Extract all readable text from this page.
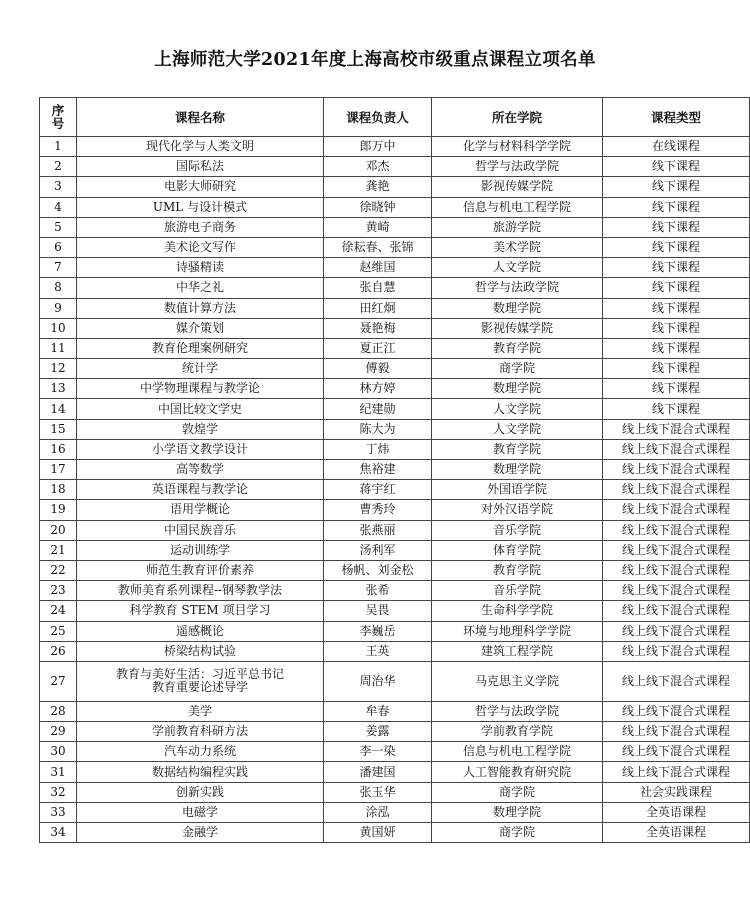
上海师范大学2021年度上海高校市级重点课程立项名单
序
号	课程名称	课程负责人	所在学院	课程类型
1	现代化学与人类文明	郎万中	化学与材料科学学院	在线课程
2	国际私法	邓杰	哲学与法政学院	线下课程
3	电影大师研究	龚艳	影视传媒学院	线下课程
4	UML 与设计模式	徐晓钟	信息与机电工程学院	线下课程
5	旅游电子商务	黄崎	旅游学院	线下课程
6	美术论文写作	徐耘春、张锦	美术学院	线下课程
7	诗骚精读	赵维国	人文学院	线下课程
8	中华之礼	张自慧	哲学与法政学院	线下课程
9	数值计算方法	田红炯	数理学院	线下课程
10	媒介策划	聂艳梅	影视传媒学院	线下课程
11	教育伦理案例研究	夏正江	教育学院	线下课程
12	统计学	傅毅	商学院	线下课程
13	中学物理课程与教学论	林方婷	数理学院	线下课程
14	中国比较文学史	纪建勋	人文学院	线下课程
15	敦煌学	陈大为	人文学院	线上线下混合式课程
16	小学语文教学设计	丁炜	教育学院	线上线下混合式课程
17	高等数学	焦裕建	数理学院	线上线下混合式课程
18	英语课程与教学论	蒋宇红	外国语学院	线上线下混合式课程
19	语用学概论	曹秀玲	对外汉语学院	线上线下混合式课程
20	中国民族音乐	张燕丽	音乐学院	线上线下混合式课程
21	运动训练学	汤利军	体育学院	线上线下混合式课程
22	师范生教育评价素养	杨帆、刘金松	教育学院	线上线下混合式课程
23	教师美育系列课程--钢琴教学法	张希	音乐学院	线上线下混合式课程
24	科学教育 STEM 项目学习	吴畏	生命科学学院	线上线下混合式课程
25	遥感概论	李巍岳	环境与地理科学学院	线上线下混合式课程
26	桥梁结构试验	王英	建筑工程学院	线上线下混合式课程
27	教育与美好生活：习近平总书记
教育重要论述导学	周治华	马克思主义学院	线上线下混合式课程
28	美学	牟春	哲学与法政学院	线上线下混合式课程
29	学前教育科研方法	姜露	学前教育学院	线上线下混合式课程
30	汽车动力系统	李一染	信息与机电工程学院	线上线下混合式课程
31	数据结构编程实践	潘建国	人工智能教育研究院	线上线下混合式课程
32	创新实践	张玉华	商学院	社会实践课程
33	电磁学	涂泓	数理学院	全英语课程
34	金融学	黄国妍	商学院	全英语课程
